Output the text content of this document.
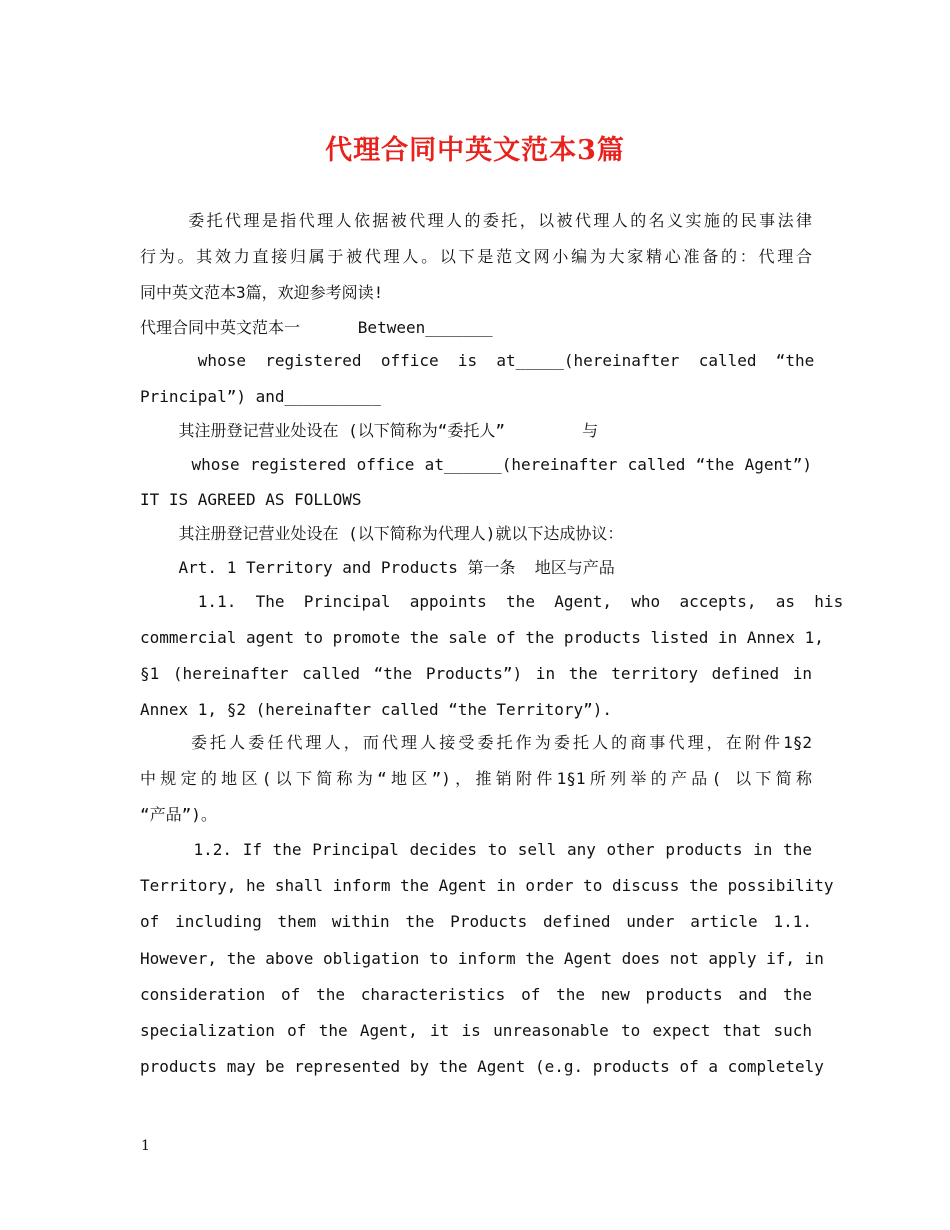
代理合同中英文范本3篇
委托代理是指代理人依据被代理人的委托，以被代理人的名义实施的民事法律
行为。其效力直接归属于被代理人。以下是范文网小编为大家精心准备的：代理合
同中英文范本3篇，欢迎参考阅读!
代理合同中英文范本一      Between_______
whose  registered  office  is  at_____(hereinafter  called  “the
Principal”) and__________
其注册登记营业处设在 (以下简称为“委托人”        与
whose registered office at______(hereinafter called “the Agent”)
IT IS AGREED AS FOLLOWS
其注册登记营业处设在 (以下简称为代理人)就以下达成协议：
Art. 1 Territory and Products 第一条  地区与产品
1.1.  The  Principal  appoints  the  Agent,  who  accepts,  as  his
commercial agent to promote the sale of the products listed in Annex 1,
§1 (hereinafter called “the Products”) in the territory defined in
Annex 1, §2 (hereinafter called “the Territory”).
委托人委任代理人，而代理人接受委托作为委托人的商事代理，在附件1§2
中规定的地区(以下简称为“地区”)，推销附件1§1所列举的产品( 以下简称
“产品”)。
1.2. If the Principal decides to sell any other products in the
Territory, he shall inform the Agent in order to discuss the possibility
of including them within the Products defined under article 1.1.
However, the above obligation to inform the Agent does not apply if, in
consideration of the characteristics of the new products and the
specialization of the Agent, it is unreasonable to expect that such
products may be represented by the Agent (e.g. products of a completely
1
